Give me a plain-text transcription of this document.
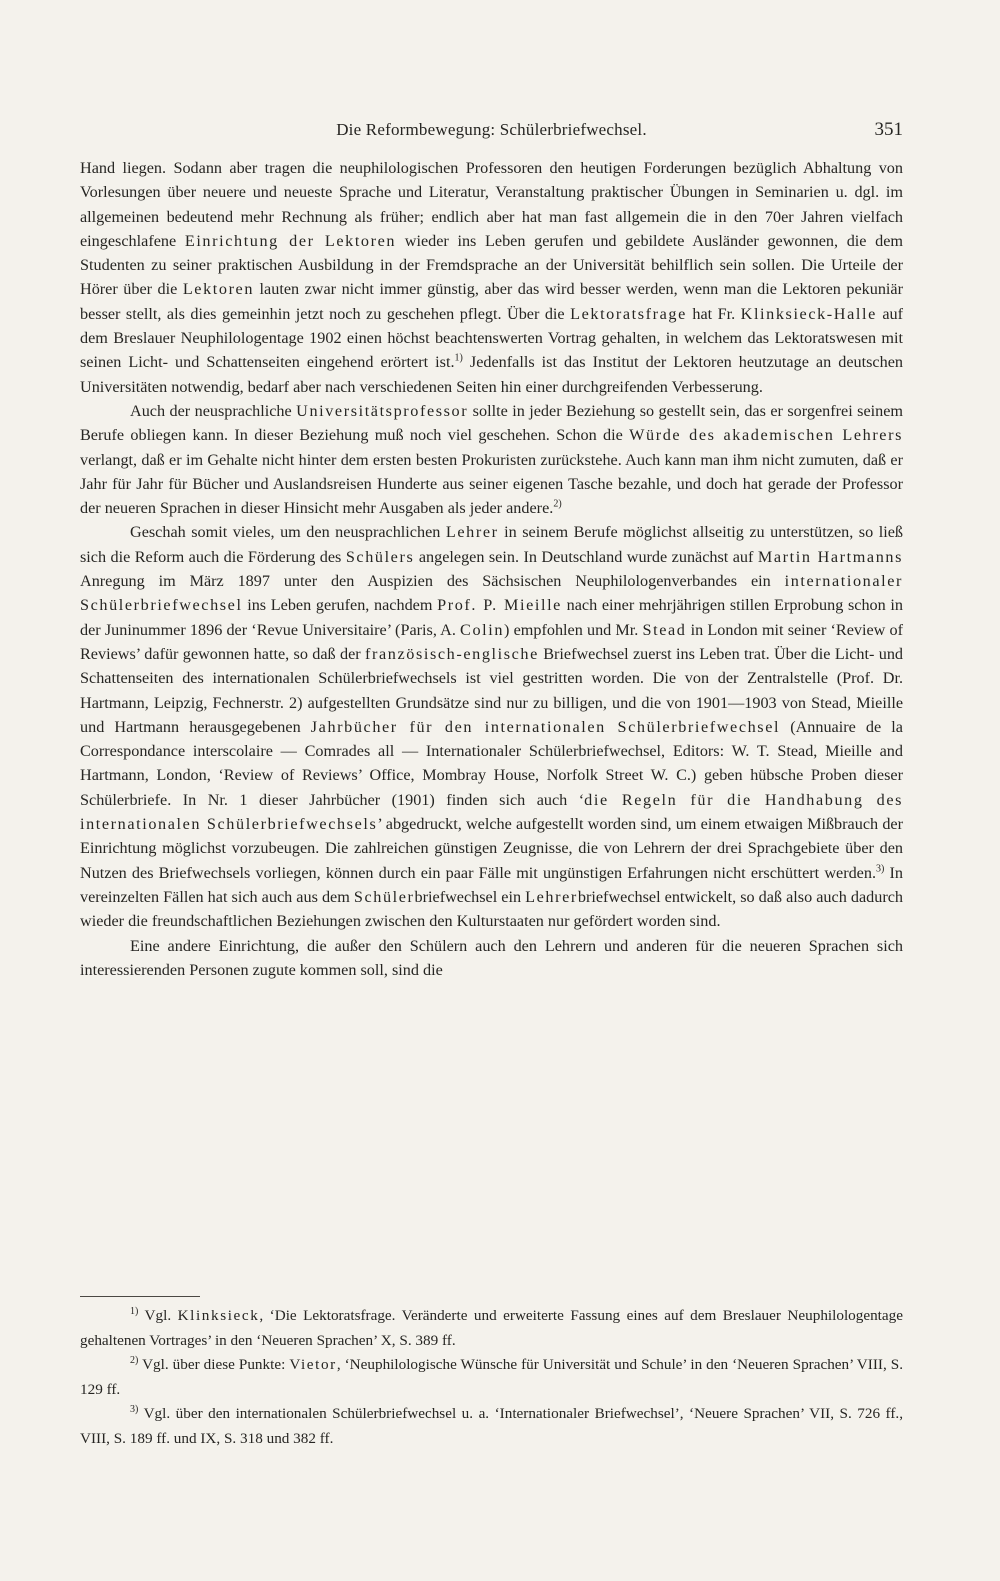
Die Reformbewegung: Schülerbriefwechsel.	351

Hand liegen. Sodann aber tragen die neuphilologischen Professoren den heutigen Forderungen bezüglich Abhaltung von Vorlesungen über neuere und neueste Sprache und Literatur, Veranstaltung praktischer Übungen in Seminarien u. dgl. im allgemeinen bedeutend mehr Rechnung als früher; endlich aber hat man fast allgemein die in den 70er Jahren vielfach eingeschlafene Einrichtung der Lektoren wieder ins Leben gerufen und gebildete Ausländer gewonnen, die dem Studenten zu seiner praktischen Ausbildung in der Fremdsprache an der Universität behilflich sein sollen. Die Urteile der Hörer über die Lektoren lauten zwar nicht immer günstig, aber das wird besser werden, wenn man die Lektoren pekuniär besser stellt, als dies gemeinhin jetzt noch zu geschehen pflegt. Über die Lektoratsfrage hat Fr. Klinksieck-Halle auf dem Breslauer Neuphilologentage 1902 einen höchst beachtenswerten Vortrag gehalten, in welchem das Lektoratswesen mit seinen Licht- und Schattenseiten eingehend erörtert ist.$^{1)}$ Jedenfalls ist das Institut der Lektoren heutzutage an deutschen Universitäten notwendig, bedarf aber nach verschiedenen Seiten hin einer durchgreifenden Verbesserung.

Auch der neusprachliche Universitätsprofessor sollte in jeder Beziehung so gestellt sein, das er sorgenfrei seinem Berufe obliegen kann. In dieser Beziehung muß noch viel geschehen. Schon die Würde des akademischen Lehrers verlangt, daß er im Gehalte nicht hinter dem ersten besten Prokuristen zurückstehe. Auch kann man ihm nicht zumuten, daß er Jahr für Jahr für Bücher und Auslandsreisen Hunderte aus seiner eigenen Tasche bezahle, und doch hat gerade der Professor der neueren Sprachen in dieser Hinsicht mehr Ausgaben als jeder andere.$^{2)}$

Geschah somit vieles, um den neusprachlichen Lehrer in seinem Berufe möglichst allseitig zu unterstützen, so ließ sich die Reform auch die Förderung des Schülers angelegen sein. In Deutschland wurde zunächst auf Martin Hartmanns Anregung im März 1897 unter den Auspizien des Sächsischen Neuphilologenverbandes ein internationaler Schülerbriefwechsel ins Leben gerufen, nachdem Prof. P. Mieille nach einer mehrjährigen stillen Erprobung schon in der Juninummer 1896 der ‘Revue Universitaire’ (Paris, A. Colin) empfohlen und Mr. Stead in London mit seiner ‘Review of Reviews’ dafür gewonnen hatte, so daß der französisch-englische Briefwechsel zuerst ins Leben trat. Über die Licht- und Schattenseiten des internationalen Schülerbriefwechsels ist viel gestritten worden. Die von der Zentralstelle (Prof. Dr. Hartmann, Leipzig, Fechnerstr. 2) aufgestellten Grundsätze sind nur zu billigen, und die von 1901—1903 von Stead, Mieille und Hartmann herausgegebenen Jahrbücher für den internationalen Schülerbriefwechsel (Annuaire de la Correspondance interscolaire — Comrades all — Internationaler Schülerbriefwechsel, Editors: W. T. Stead, Mieille and Hartmann, London, ‘Review of Reviews’ Office, Mombray House, Norfolk Street W. C.) geben hübsche Proben dieser Schülerbriefe. In Nr. 1 dieser Jahrbücher (1901) finden sich auch ‘die Regeln für die Handhabung des internationalen Schülerbriefwechsels’ abgedruckt, welche aufgestellt worden sind, um einem etwaigen Mißbrauch der Einrichtung möglichst vorzubeugen. Die zahlreichen günstigen Zeugnisse, die von Lehrern der drei Sprachgebiete über den Nutzen des Briefwechsels vorliegen, können durch ein paar Fälle mit ungünstigen Erfahrungen nicht erschüttert werden.$^{3)}$ In vereinzelten Fällen hat sich auch aus dem Schülerbriefwechsel ein Lehrerbriefwechsel entwickelt, so daß also auch dadurch wieder die freundschaftlichen Beziehungen zwischen den Kulturstaaten nur gefördert worden sind.

Eine andere Einrichtung, die außer den Schülern auch den Lehrern und anderen für die neueren Sprachen sich interessierenden Personen zugute kommen soll, sind die

$^{1)}$ Vgl. Klinksieck, ‘Die Lektoratsfrage. Veränderte und erweiterte Fassung eines auf dem Breslauer Neuphilologentage gehaltenen Vortrages’ in den ‘Neueren Sprachen’ X, S. 389 ff.

$^{2)}$ Vgl. über diese Punkte: Vietor, ‘Neuphilologische Wünsche für Universität und Schule’ in den ‘Neueren Sprachen’ VIII, S. 129 ff.

$^{3)}$ Vgl. über den internationalen Schülerbriefwechsel u. a. ‘Internationaler Briefwechsel’, ‘Neuere Sprachen’ VII, S. 726 ff., VIII, S. 189 ff. und IX, S. 318 und 382 ff.
